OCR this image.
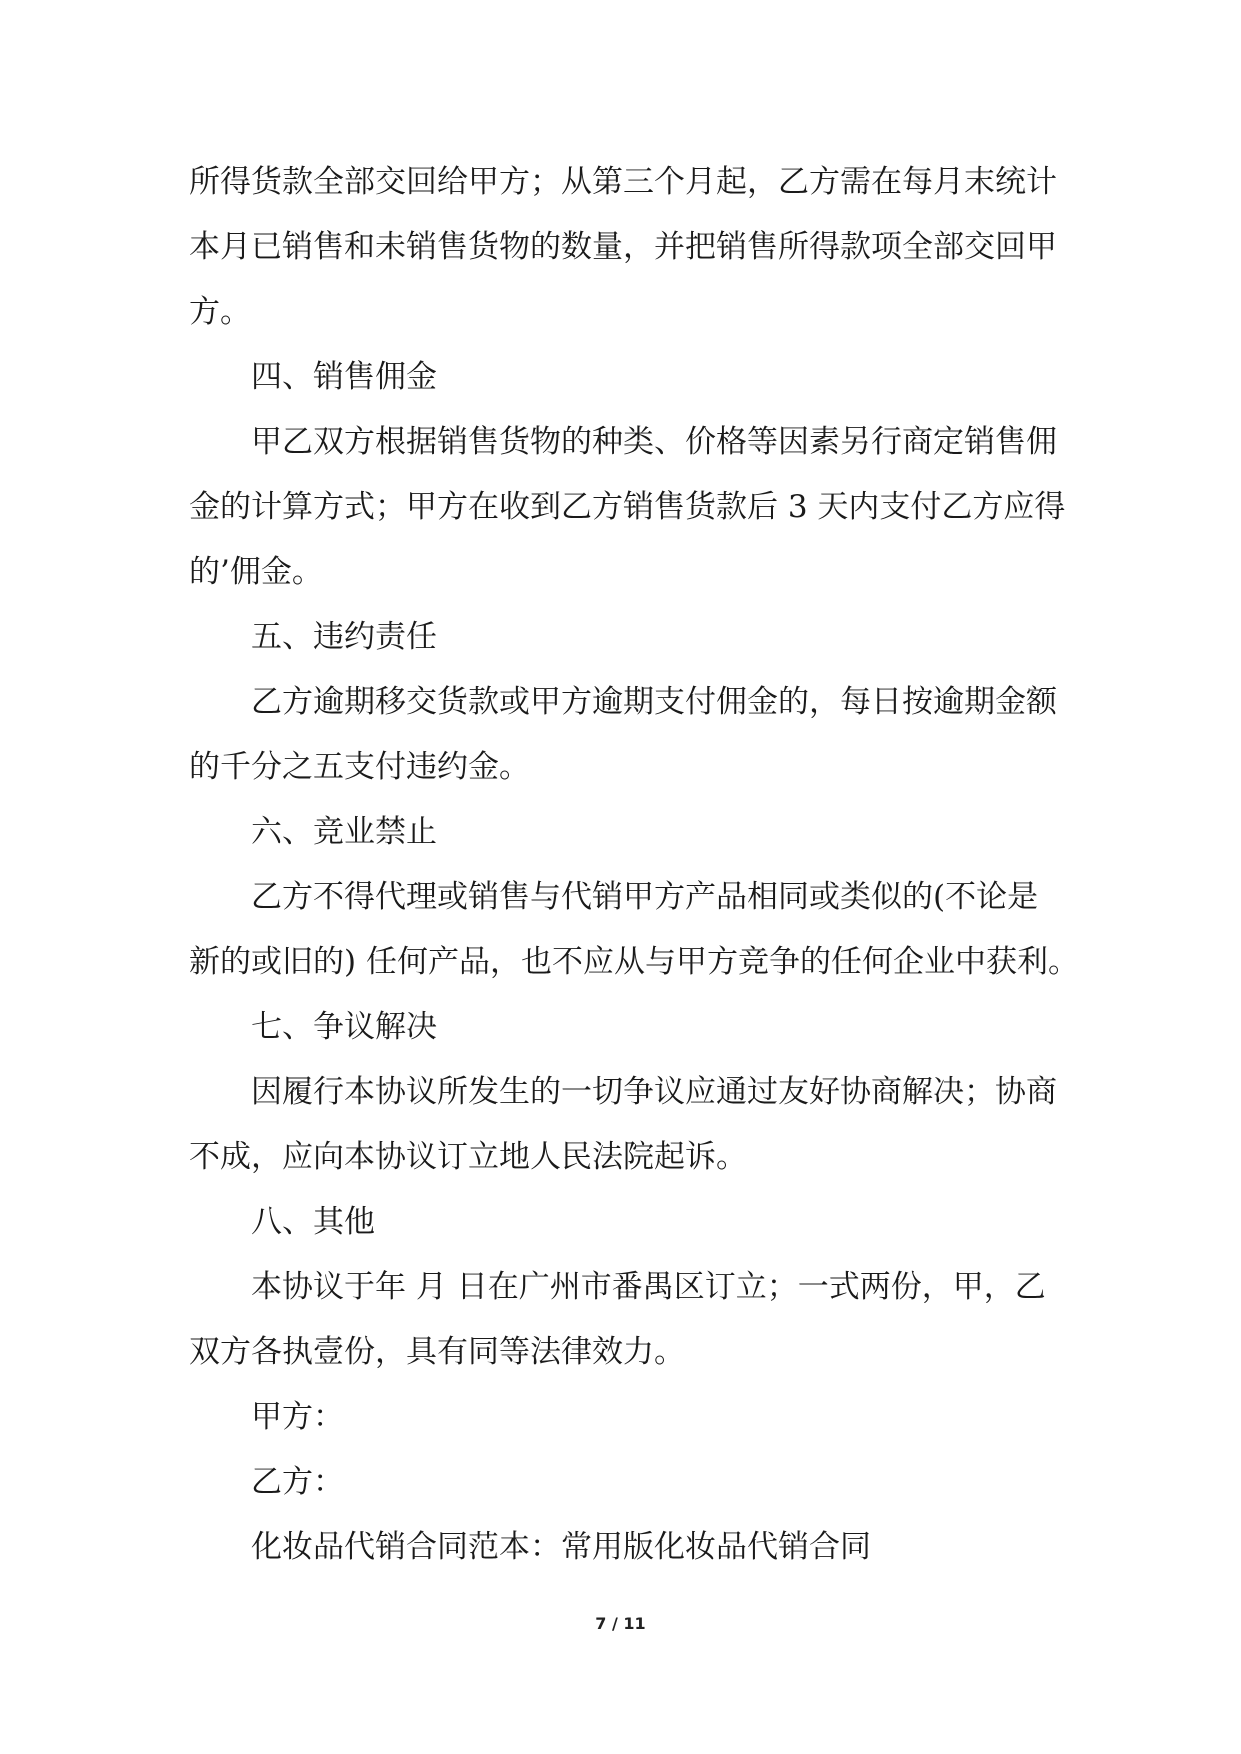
所得货款全部交回给甲方；从第三个月起，乙方需在每月末统计
本月已销售和未销售货物的数量，并把销售所得款项全部交回甲
方。
四、销售佣金
甲乙双方根据销售货物的种类、价格等因素另行商定销售佣
金的计算方式；甲方在收到乙方销售货款后 3 天内支付乙方应得
的’佣金。
五、违约责任
乙方逾期移交货款或甲方逾期支付佣金的，每日按逾期金额
的千分之五支付违约金。
六、竞业禁止
乙方不得代理或销售与代销甲方产品相同或类似的(不论是
新的或旧的) 任何产品，也不应从与甲方竞争的任何企业中获利。
七、争议解决
因履行本协议所发生的一切争议应通过友好协商解决；协商
不成，应向本协议订立地人民法院起诉。
八、其他
本协议于年 月 日在广州市番禺区订立；一式两份，甲，乙
双方各执壹份，具有同等法律效力。
甲方：
乙方：
化妆品代销合同范本：常用版化妆品代销合同
7 / 11
